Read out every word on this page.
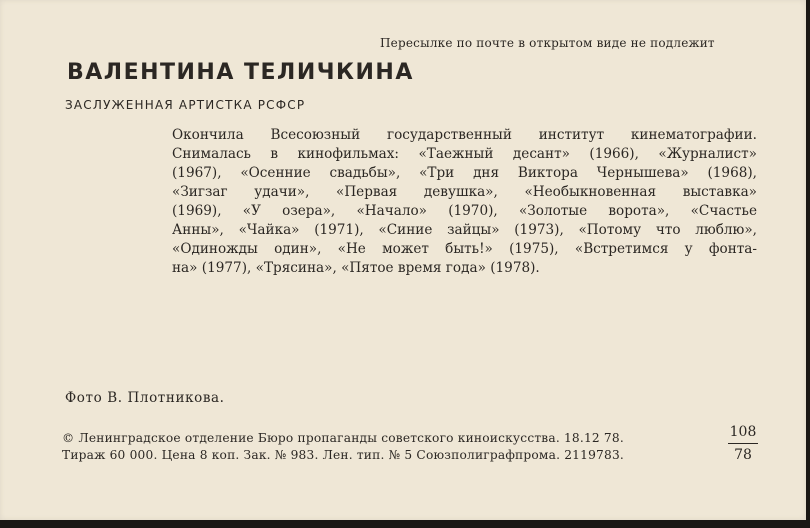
Пересылке по почте в открытом виде не подлежит
ВАЛЕНТИНА ТЕЛИЧКИНА
ЗАСЛУЖЕННАЯ АРТИСТКА РСФСР
Окончила Всесоюзный государственный институт кинематографии.
Снималась в кинофильмах: «Таежный десант» (1966), «Журналист»
(1967), «Осенние свадьбы», «Три дня Виктора Чернышева» (1968),
«Зигзаг удачи», «Первая девушка», «Необыкновенная выставка»
(1969), «У озера», «Начало» (1970), «Золотые ворота», «Счастье
Анны», «Чайка» (1971), «Синие зайцы» (1973), «Потому что люблю»,
«Одиножды один», «Не может быть!» (1975), «Встретимся у фонта-
на» (1977), «Трясина», «Пятое время года» (1978).
Фото В. Плотникова.
© Ленинградское отделение Бюро пропаганды советского киноискусства. 18.12 78.
Тираж 60 000. Цена 8 коп. Зак. № 983. Лен. тип. № 5 Союзполиграфпрома. 2119783.
108
78
